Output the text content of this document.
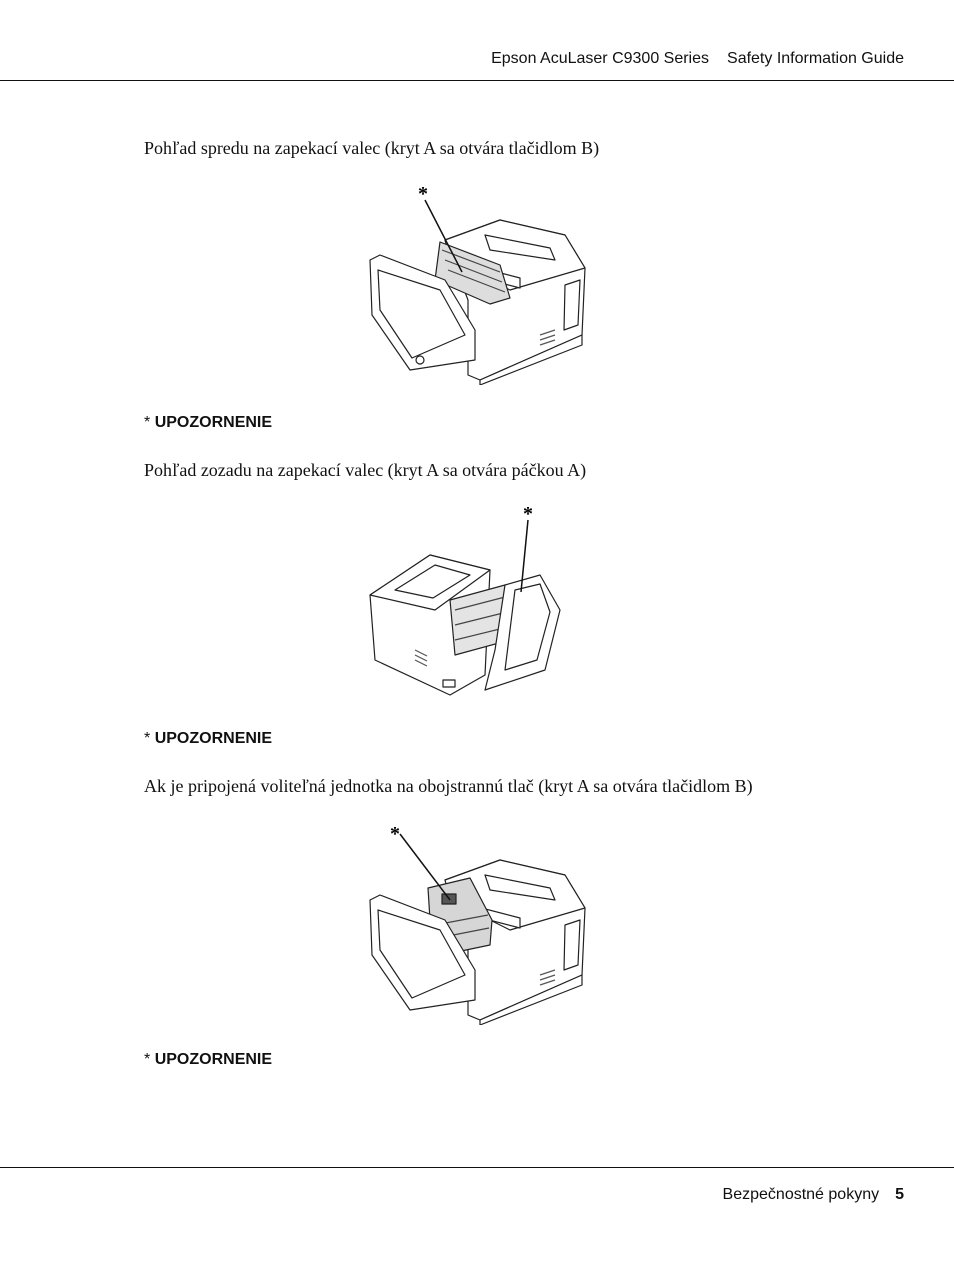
Epson AcuLaser C9300 Series Safety Information Guide
Pohľad spredu na zapekací valec (kryt A sa otvára tlačidlom B)
*
* UPOZORNENIE
Pohľad zozadu na zapekací valec (kryt A sa otvára páčkou A)
*
* UPOZORNENIE
Ak je pripojená voliteľná jednotka na obojstrannú tlač (kryt A sa otvára tlačidlom B)
*
* UPOZORNENIE
Bezpečnostné pokyny 5
